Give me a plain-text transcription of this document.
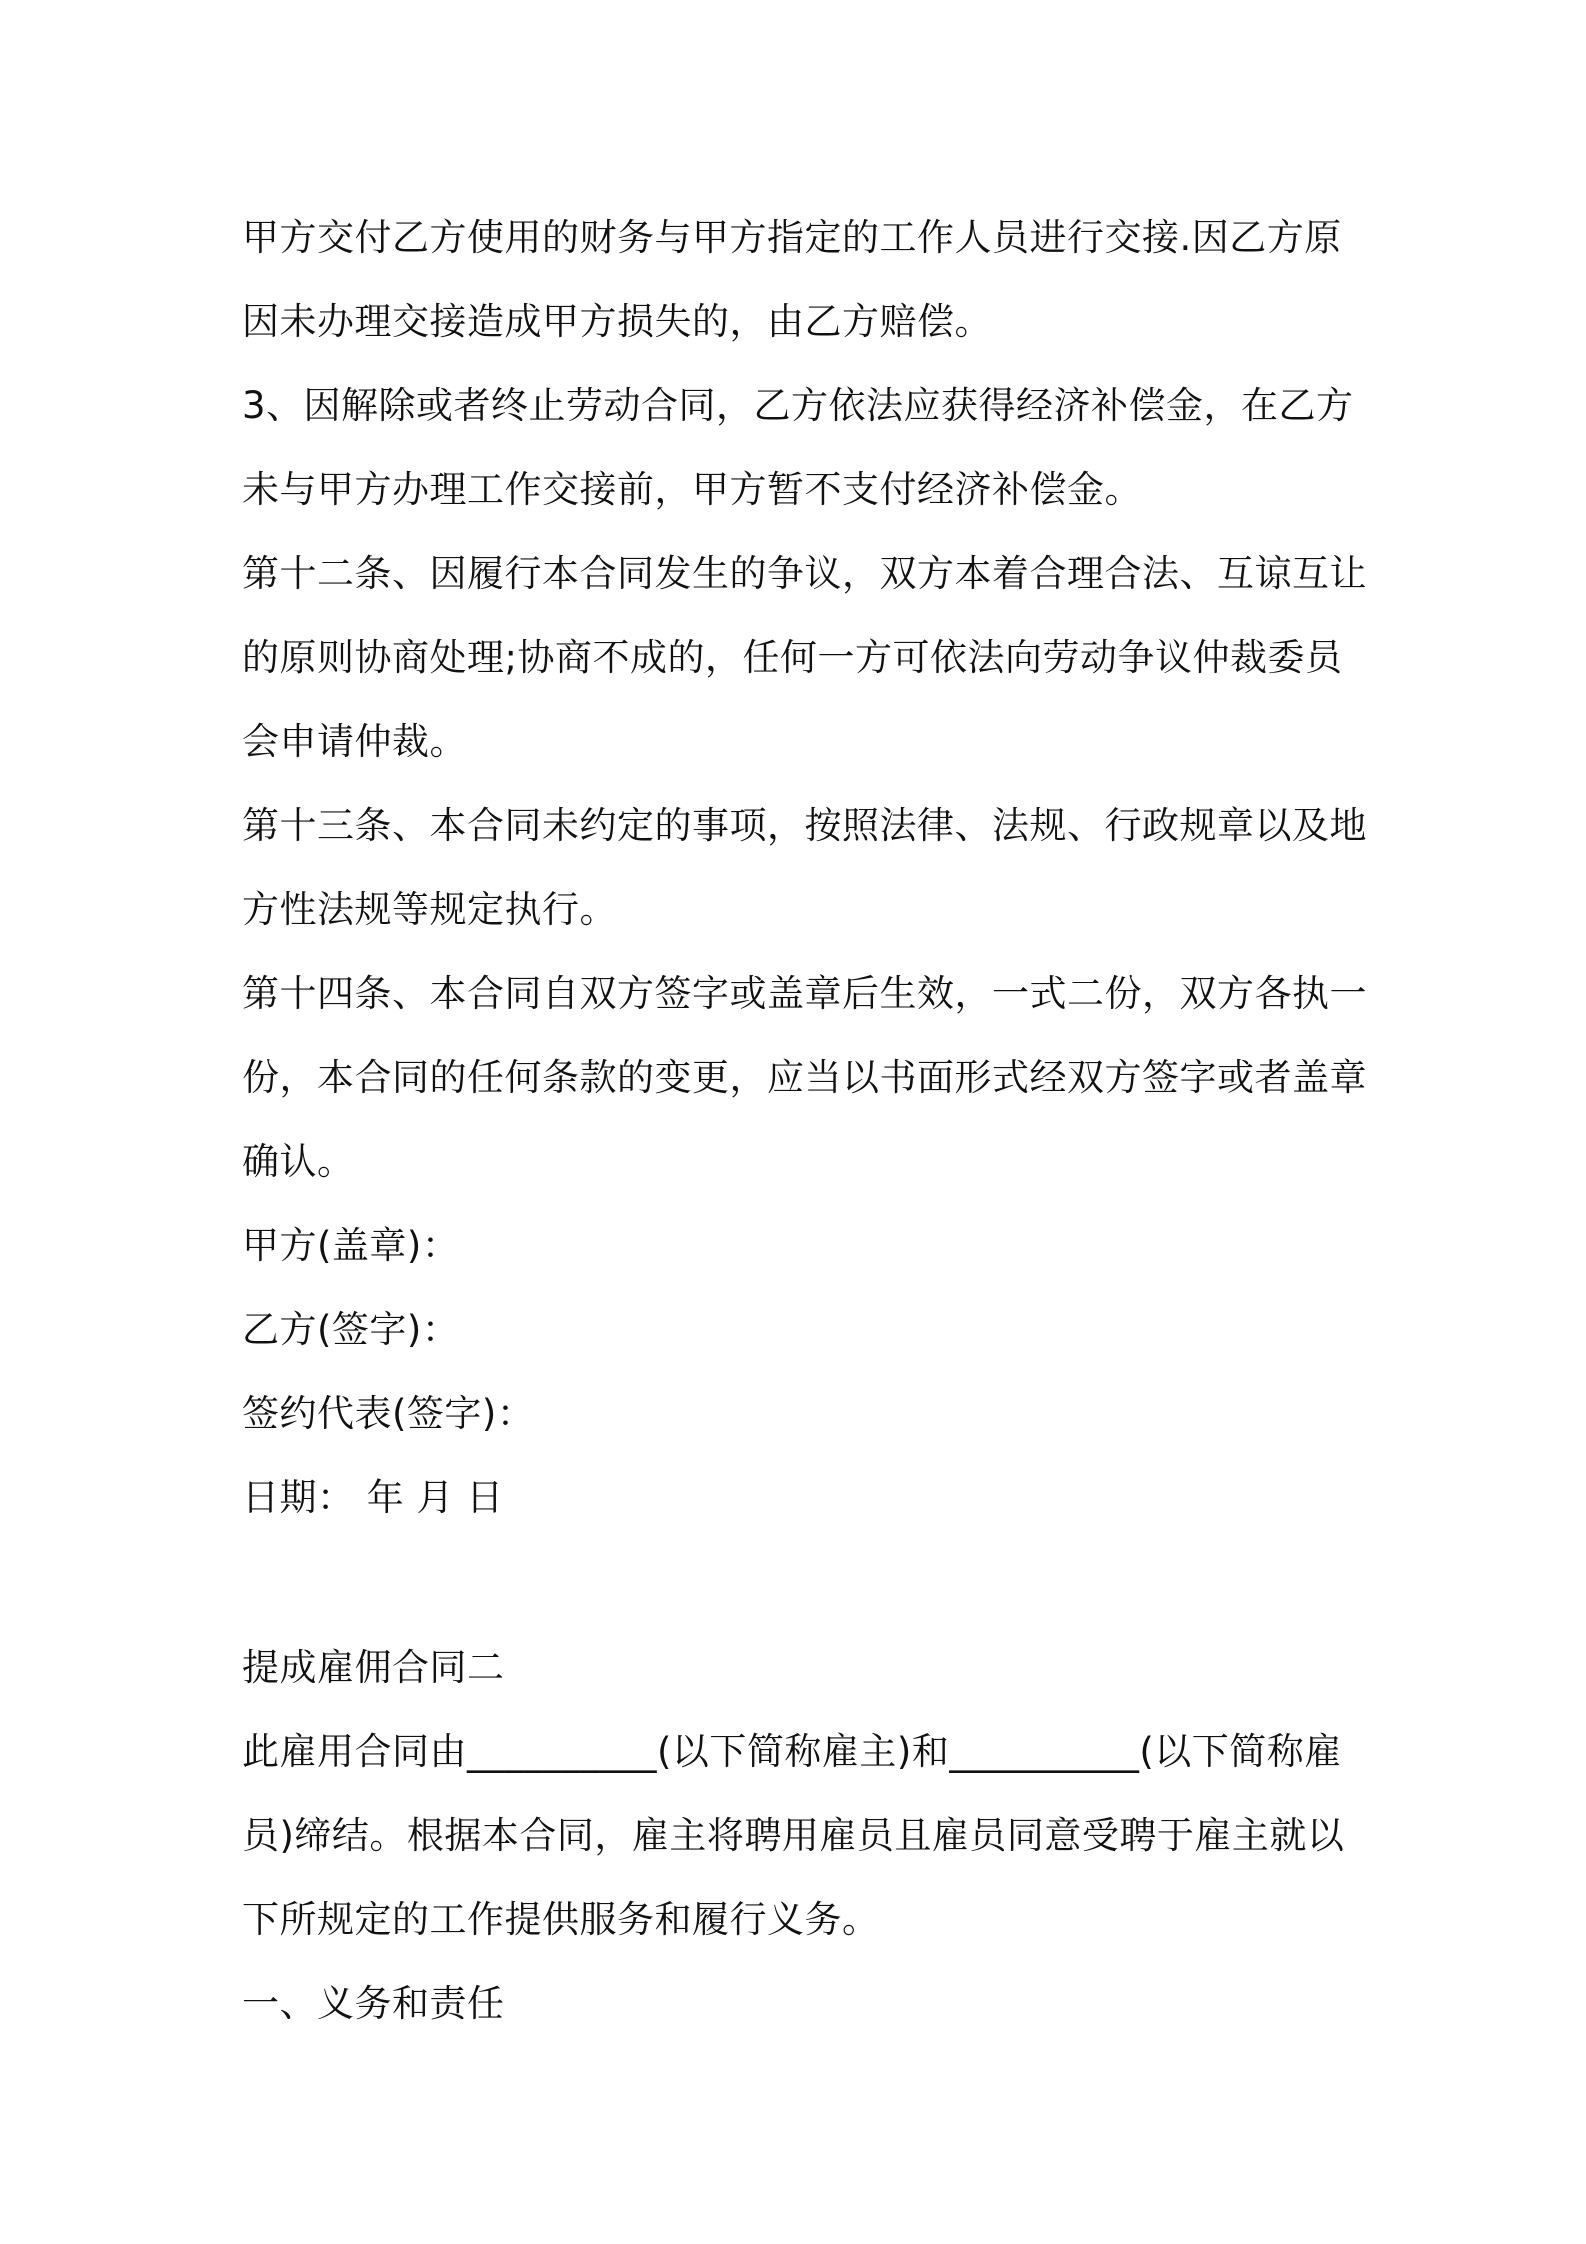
甲方交付乙方使用的财务与甲方指定的工作人员进行交接.因乙方原
因未办理交接造成甲方损失的，由乙方赔偿。
3、因解除或者终止劳动合同，乙方依法应获得经济补偿金，在乙方
未与甲方办理工作交接前，甲方暂不支付经济补偿金。
第十二条、因履行本合同发生的争议，双方本着合理合法、互谅互让
的原则协商处理;协商不成的，任何一方可依法向劳动争议仲裁委员
会申请仲裁。
第十三条、本合同未约定的事项，按照法律、法规、行政规章以及地
方性法规等规定执行。
第十四条、本合同自双方签字或盖章后生效，一式二份，双方各执一
份，本合同的任何条款的变更，应当以书面形式经双方签字或者盖章
确认。
甲方(盖章)：
乙方(签字)：
签约代表(签字)：
日期： 年 月 日
提成雇佣合同二
此雇用合同由__________(以下简称雇主)和__________(以下简称雇
员)缔结。根据本合同，雇主将聘用雇员且雇员同意受聘于雇主就以
下所规定的工作提供服务和履行义务。
一、义务和责任
